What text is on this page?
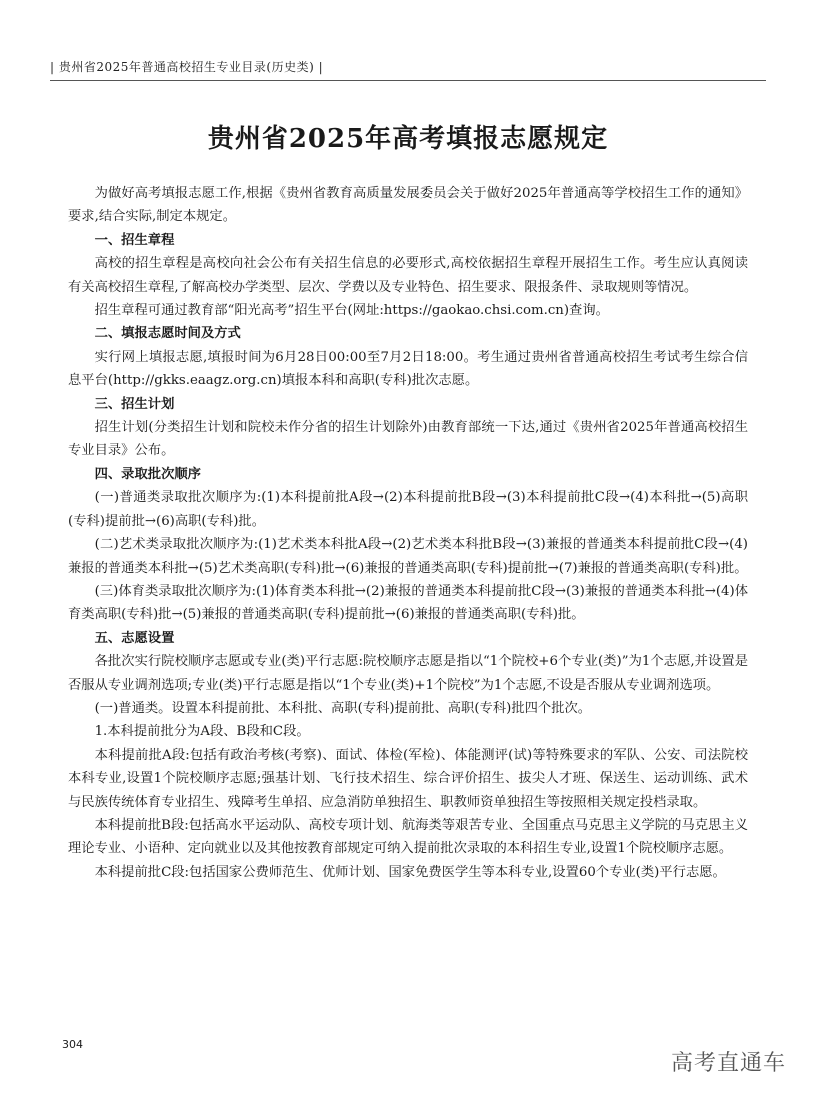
| 贵州省2025年普通高校招生专业目录(历史类) |
贵州省2025年高考填报志愿规定

为做好高考填报志愿工作,根据《贵州省教育高质量发展委员会关于做好2025年普通高等学校招生工作的通知》要求,结合实际,制定本规定。

一、招生章程

高校的招生章程是高校向社会公布有关招生信息的必要形式,高校依据招生章程开展招生工作。考生应认真阅读有关高校招生章程,了解高校办学类型、层次、学费以及专业特色、招生要求、限报条件、录取规则等情况。

招生章程可通过教育部“阳光高考”招生平台(网址:https://gaokao.chsi.com.cn)查询。

二、填报志愿时间及方式

实行网上填报志愿,填报时间为6月28日00:00至7月2日18:00。考生通过贵州省普通高校招生考试考生综合信息平台(http://gkks.eaagz.org.cn)填报本科和高职(专科)批次志愿。

三、招生计划

招生计划(分类招生计划和院校未作分省的招生计划除外)由教育部统一下达,通过《贵州省2025年普通高校招生专业目录》公布。

四、录取批次顺序

(一)普通类录取批次顺序为:(1)本科提前批A段→(2)本科提前批B段→(3)本科提前批C段→(4)本科批→(5)高职(专科)提前批→(6)高职(专科)批。

(二)艺术类录取批次顺序为:(1)艺术类本科批A段→(2)艺术类本科批B段→(3)兼报的普通类本科提前批C段→(4)兼报的普通类本科批→(5)艺术类高职(专科)批→(6)兼报的普通类高职(专科)提前批→(7)兼报的普通类高职(专科)批。

(三)体育类录取批次顺序为:(1)体育类本科批→(2)兼报的普通类本科提前批C段→(3)兼报的普通类本科批→(4)体育类高职(专科)批→(5)兼报的普通类高职(专科)提前批→(6)兼报的普通类高职(专科)批。

五、志愿设置

各批次实行院校顺序志愿或专业(类)平行志愿:院校顺序志愿是指以“1个院校+6个专业(类)”为1个志愿,并设置是否服从专业调剂选项;专业(类)平行志愿是指以“1个专业(类)+1个院校”为1个志愿,不设是否服从专业调剂选项。

(一)普通类。设置本科提前批、本科批、高职(专科)提前批、高职(专科)批四个批次。

1.本科提前批分为A段、B段和C段。

本科提前批A段:包括有政治考核(考察)、面试、体检(军检)、体能测评(试)等特殊要求的军队、公安、司法院校本科专业,设置1个院校顺序志愿;强基计划、飞行技术招生、综合评价招生、拔尖人才班、保送生、运动训练、武术与民族传统体育专业招生、残障考生单招、应急消防单独招生、职教师资单独招生等按照相关规定投档录取。

本科提前批B段:包括高水平运动队、高校专项计划、航海类等艰苦专业、全国重点马克思主义学院的马克思主义理论专业、小语种、定向就业以及其他按教育部规定可纳入提前批次录取的本科招生专业,设置1个院校顺序志愿。

本科提前批C段:包括国家公费师范生、优师计划、国家免费医学生等本科专业,设置60个专业(类)平行志愿。

304
高考直通车
